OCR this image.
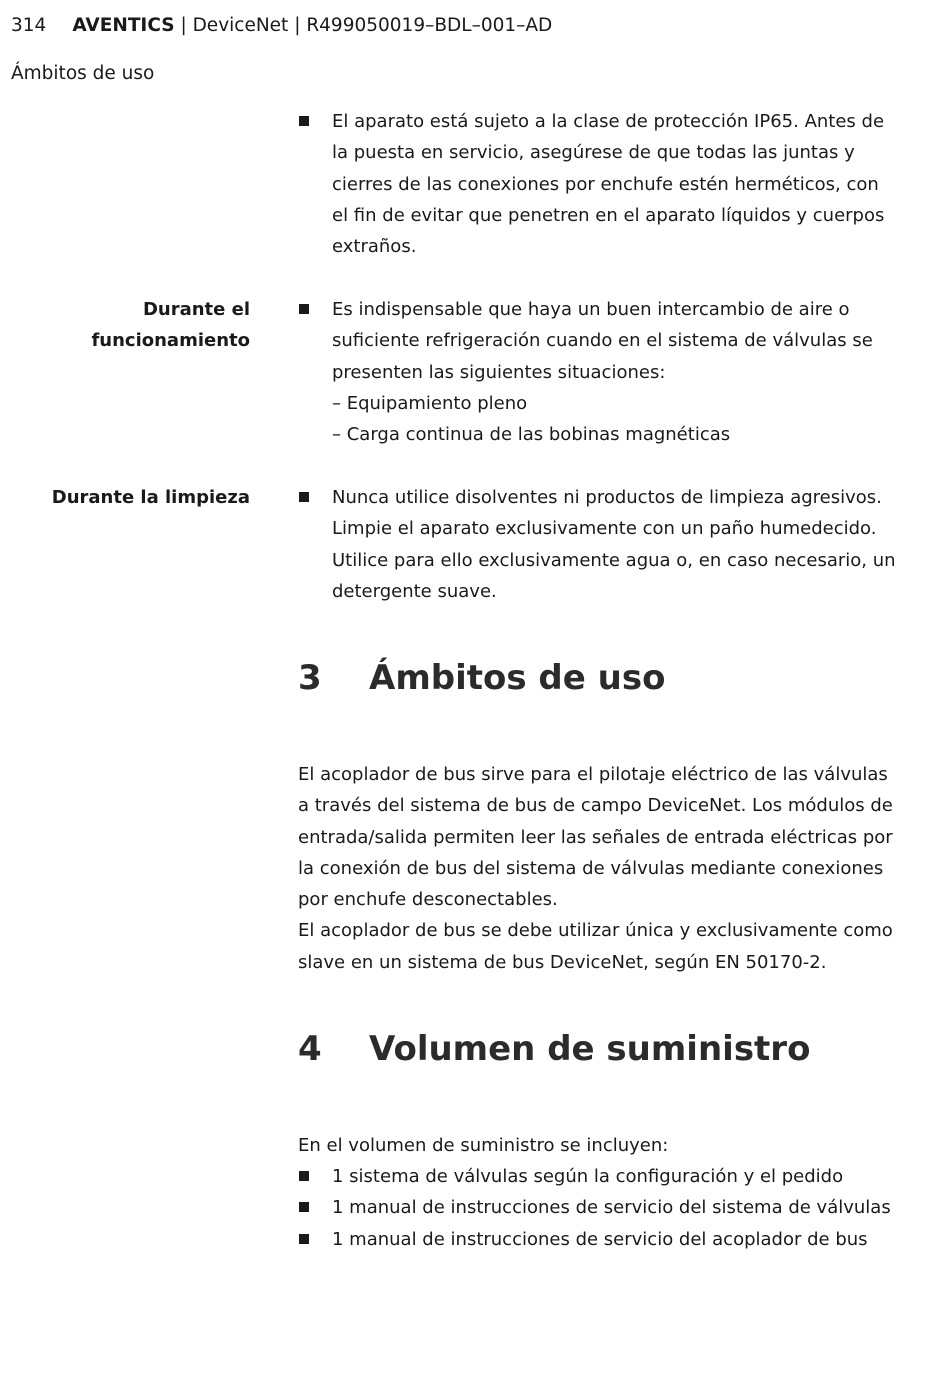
314 AVENTICS | DeviceNet | R499050019–BDL–001–AD
Ámbitos de uso
El aparato está sujeto a la clase de protección IP65. Antes de la puesta en servicio, asegúrese de que todas las juntas y cierres de las conexiones por enchufe estén herméticos, con el fin de evitar que penetren en el aparato líquidos y cuerpos extraños.
Durante el
funcionamiento
Es indispensable que haya un buen intercambio de aire o suficiente refrigeración cuando en el sistema de válvulas se presenten las siguientes situaciones:
– Equipamiento pleno
– Carga continua de las bobinas magnéticas
Durante la limpieza	Nunca utilice disolventes ni productos de limpieza agresivos. Limpie el aparato exclusivamente con un paño humedecido. Utilice para ello exclusivamente agua o, en caso necesario, un detergente suave.
3 Ámbitos de uso
El acoplador de bus sirve para el pilotaje eléctrico de las válvulas a través del sistema de bus de campo DeviceNet. Los módulos de entrada/salida permiten leer las señales de entrada eléctricas por la conexión de bus del sistema de válvulas mediante conexiones por enchufe desconectables.
El acoplador de bus se debe utilizar única y exclusivamente como slave en un sistema de bus DeviceNet, según EN 50170-2.
4 Volumen de suministro
En el volumen de suministro se incluyen:
1 sistema de válvulas según la configuración y el pedido
1 manual de instrucciones de servicio del sistema de válvulas
1 manual de instrucciones de servicio del acoplador de bus
